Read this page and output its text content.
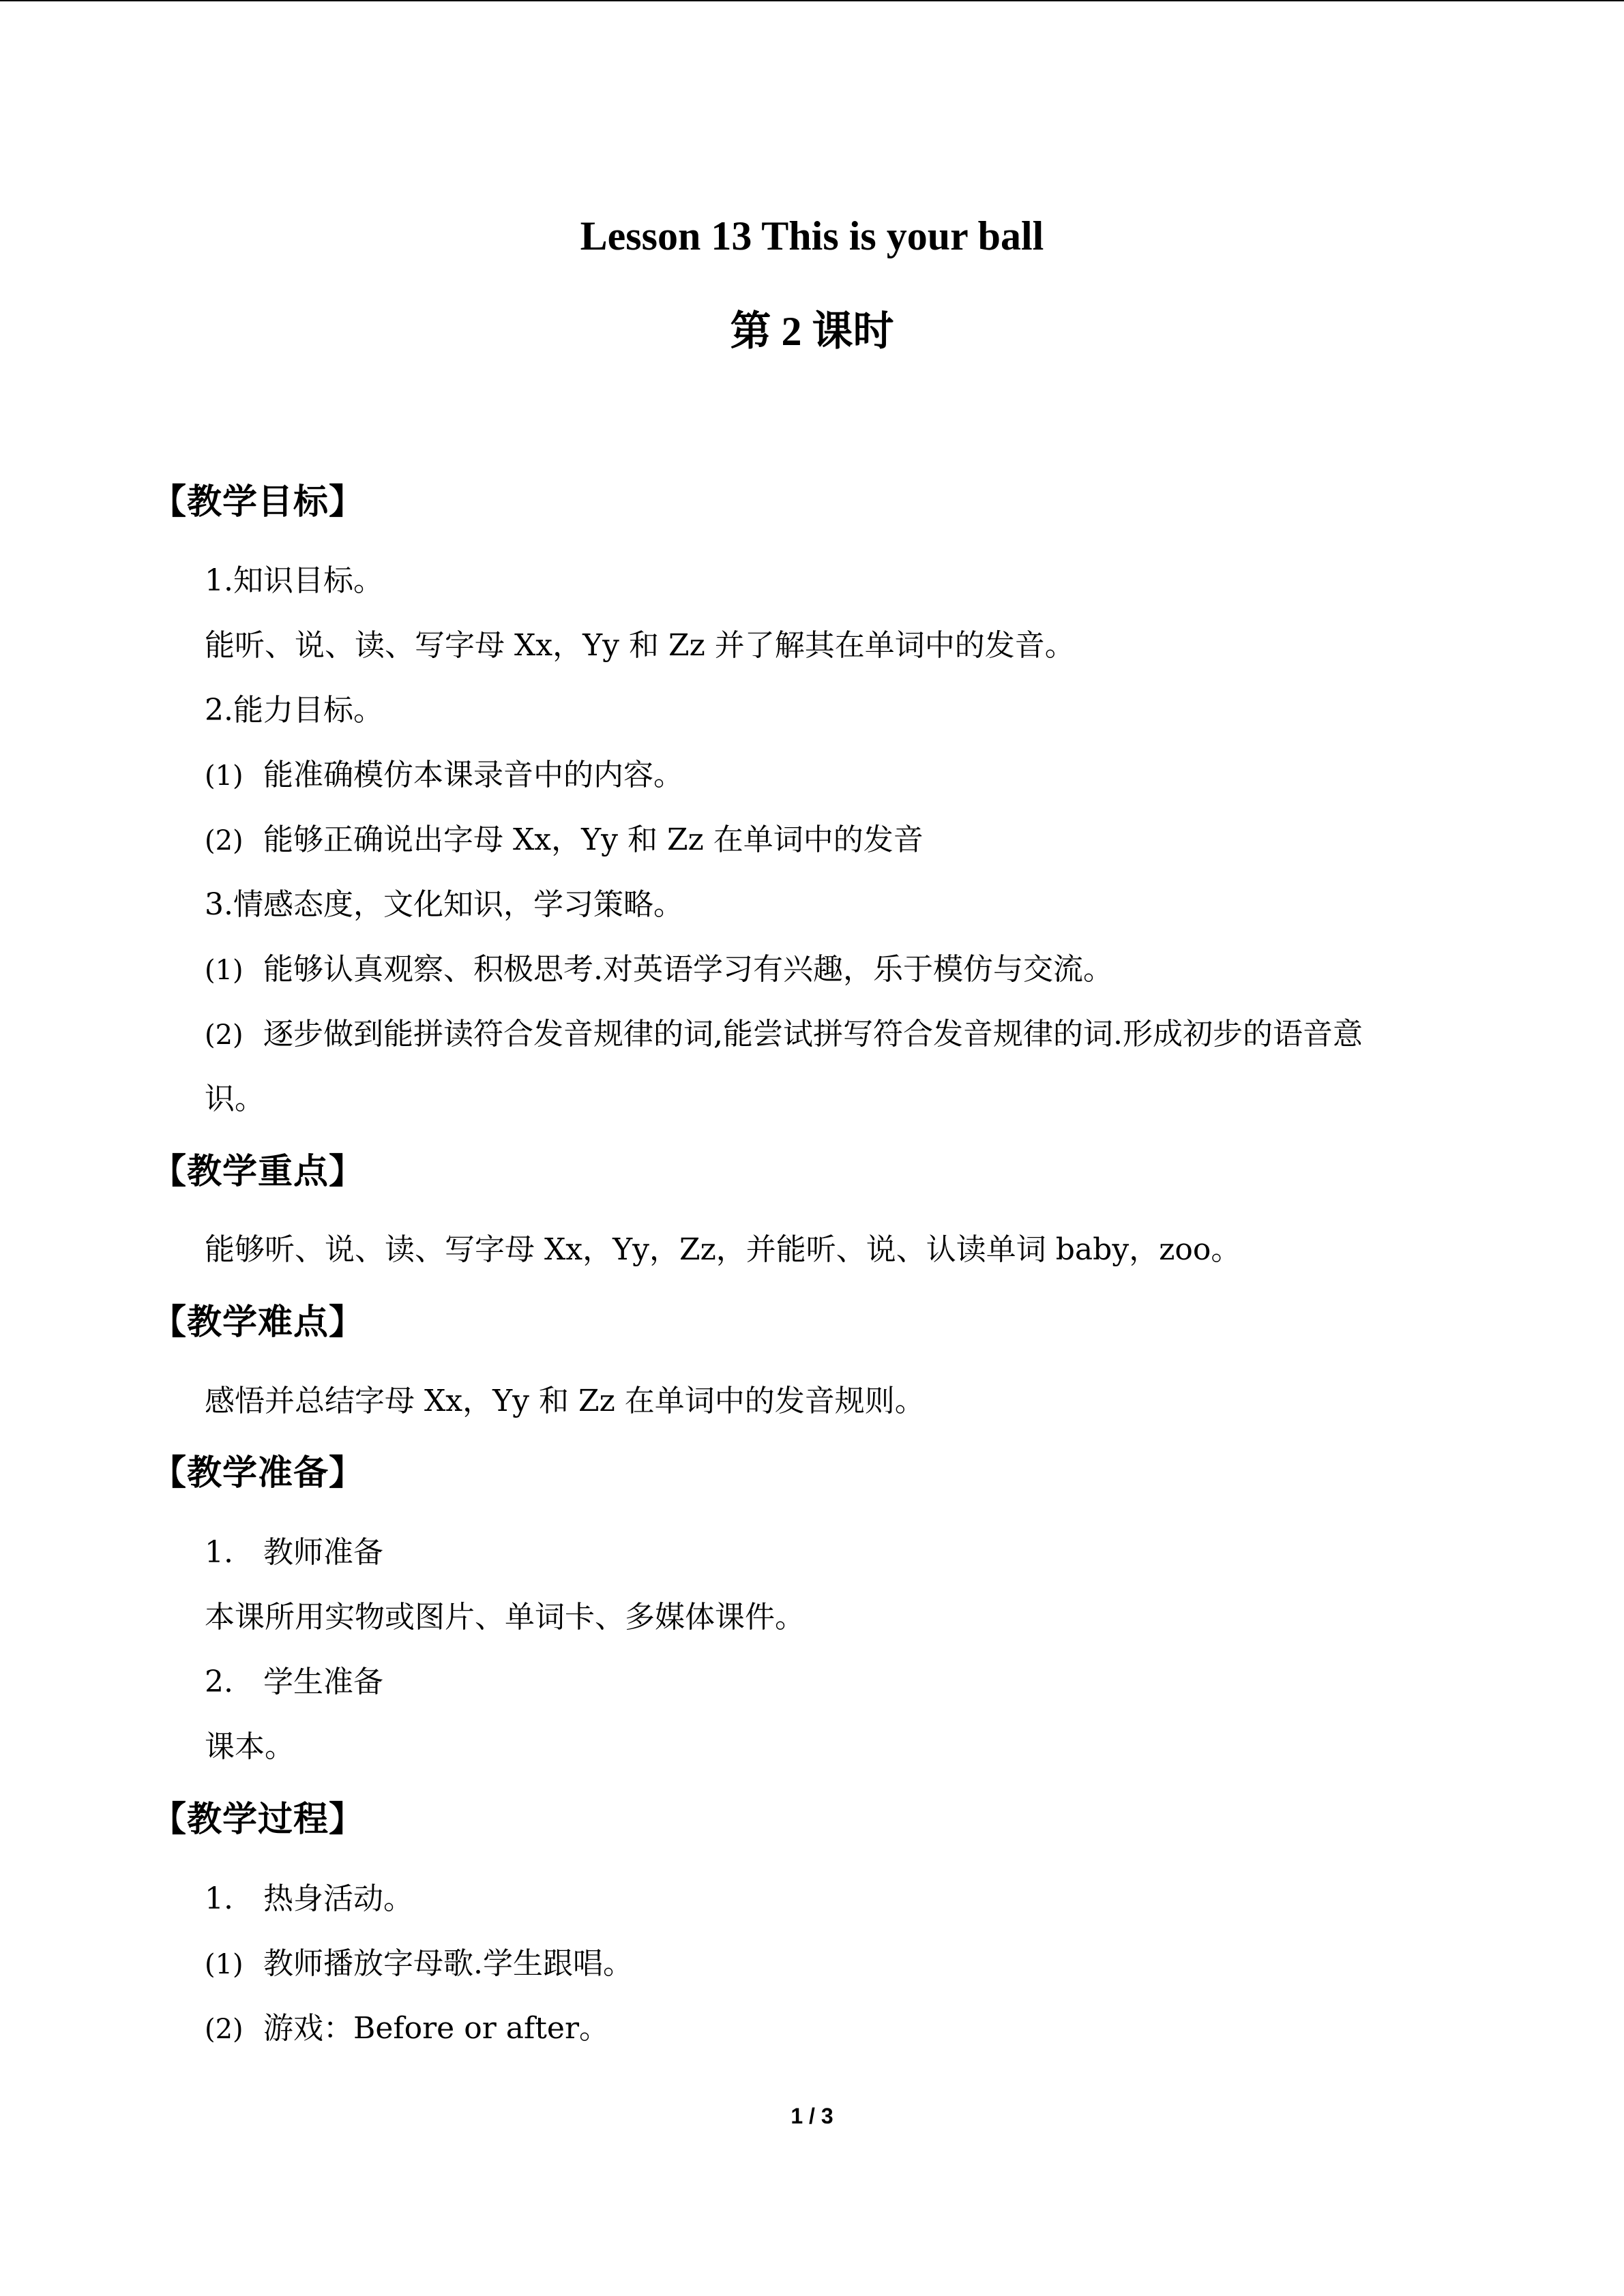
Lesson 13 This is your ball
第 2 课时
【教学目标】
1.知识目标。
能听、说、读、写字母 Xx，Yy 和 Zz 并了解其在单词中的发音。
2.能力目标。
(1) 能准确模仿本课录音中的内容。
(2) 能够正确说出字母 Xx，Yy 和 Zz 在单词中的发音
3.情感态度，文化知识，学习策略。
(1) 能够认真观察、积极思考.对英语学习有兴趣，乐于模仿与交流。
(2) 逐步做到能拼读符合发音规律的词,能尝试拼写符合发音规律的词.形成初步的语音意
识。
【教学重点】
能够听、说、读、写字母 Xx，Yy，Zz，并能听、说、认读单词 baby，zoo。
【教学难点】
感悟并总结字母 Xx，Yy 和 Zz 在单词中的发音规则。
【教学准备】
1. 教师准备
本课所用实物或图片、单词卡、多媒体课件。
2. 学生准备
课本。
【教学过程】
1. 热身活动。
(1) 教师播放字母歌.学生跟唱。
(2) 游戏：Before or after。
1 / 3
